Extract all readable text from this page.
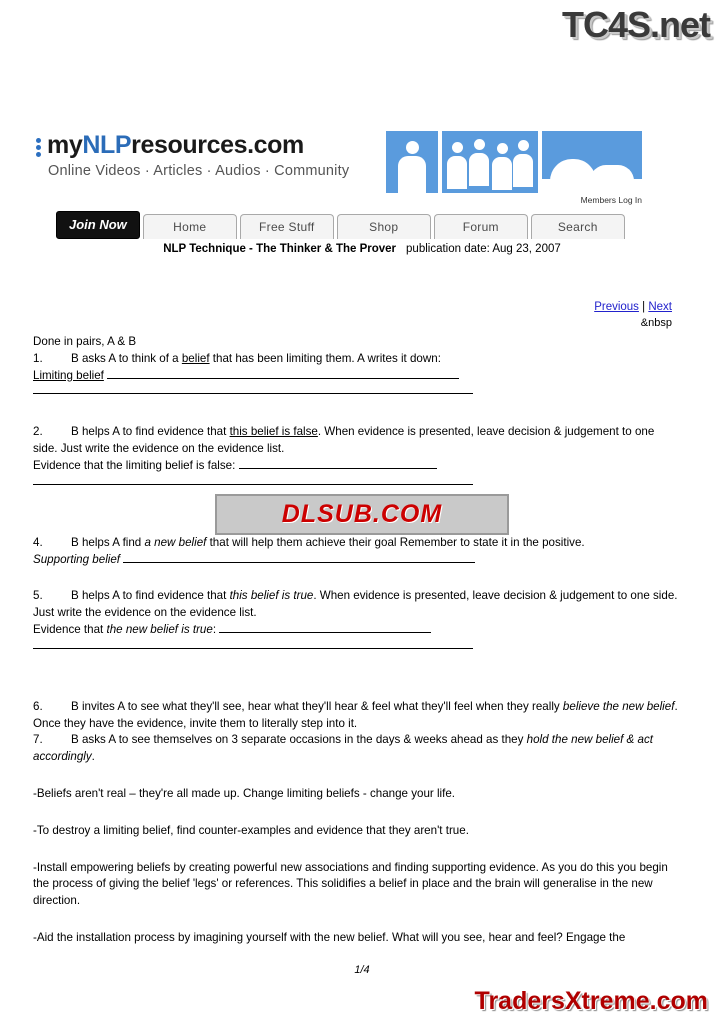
TC4S.net
myNLPresources.com
Online Videos · Articles · Audios · Community
Members Log In
Join Now	Home	Free Stuff	Shop	Forum	Search
NLP Technique - The Thinker & The Prover publication date: Aug 23, 2007
Previous | Next
&nbsp

Done in pairs, A & B

1. B asks A to think of a belief that has been limiting them. A writes it down:

Limiting belief

2. B helps A to find evidence that this belief is false. When evidence is presented, leave decision & judgement to one side. Just write the evidence on the evidence list.

Evidence that the limiting belief is false:

4. B helps A find a new belief that will help them achieve their goal Remember to state it in the positive.

Supporting belief

5. B helps A to find evidence that this belief is true. When evidence is presented, leave decision & judgement to one side. Just write the evidence on the evidence list.

Evidence that the new belief is true:

6. B invites A to see what they'll see, hear what they'll hear & feel what they'll feel when they really believe the new belief. Once they have the evidence, invite them to literally step into it.

7. B asks A to see themselves on 3 separate occasions in the days & weeks ahead as they hold the new belief & act accordingly.

-Beliefs aren't real – they're all made up. Change limiting beliefs - change your life.

-To destroy a limiting belief, find counter-examples and evidence that they aren't true.

-Install empowering beliefs by creating powerful new associations and finding supporting evidence. As you do this you begin the process of giving the belief 'legs' or references. This solidifies a belief in place and the brain will generalise in the new direction.

-Aid the installation process by imagining yourself with the new belief. What will you see, hear and feel? Engage the

DLSUB.COM
1/4
TradersXtreme.com
